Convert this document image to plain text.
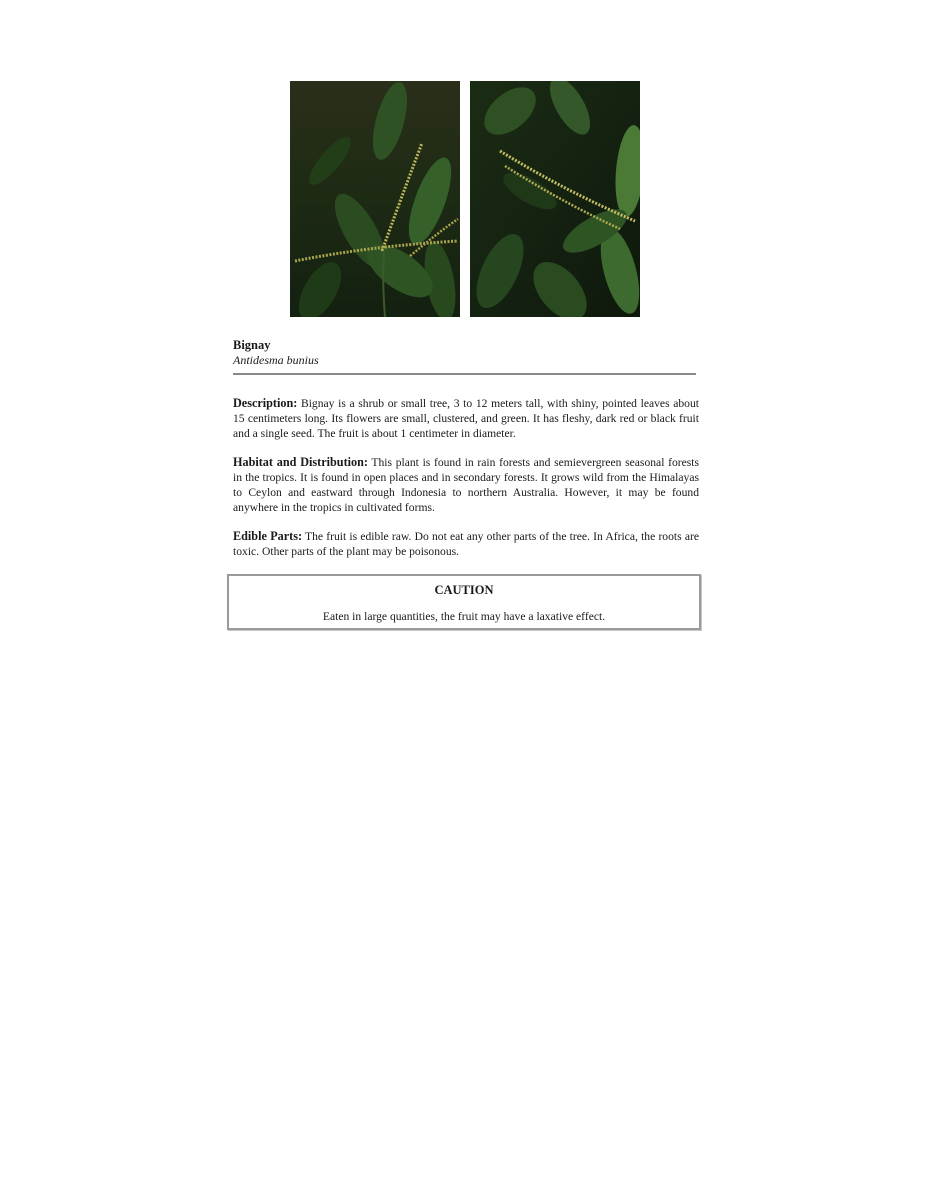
Bignay
Antidesma bunius
Description: Bignay is a shrub or small tree, 3 to 12 meters tall, with shiny, pointed leaves about 15 centimeters long. Its flowers are small, clustered, and green. It has fleshy, dark red or black fruit and a single seed. The fruit is about 1 centimeter in diameter.
Habitat and Distribution: This plant is found in rain forests and semievergreen seasonal forests in the tropics. It is found in open places and in secondary forests. It grows wild from the Himalayas to Ceylon and eastward through Indonesia to northern Australia. However, it may be found anywhere in the tropics in cultivated forms.
Edible Parts: The fruit is edible raw. Do not eat any other parts of the tree. In Africa, the roots are toxic. Other parts of the plant may be poisonous.
CAUTION
Eaten in large quantities, the fruit may have a laxative effect.
